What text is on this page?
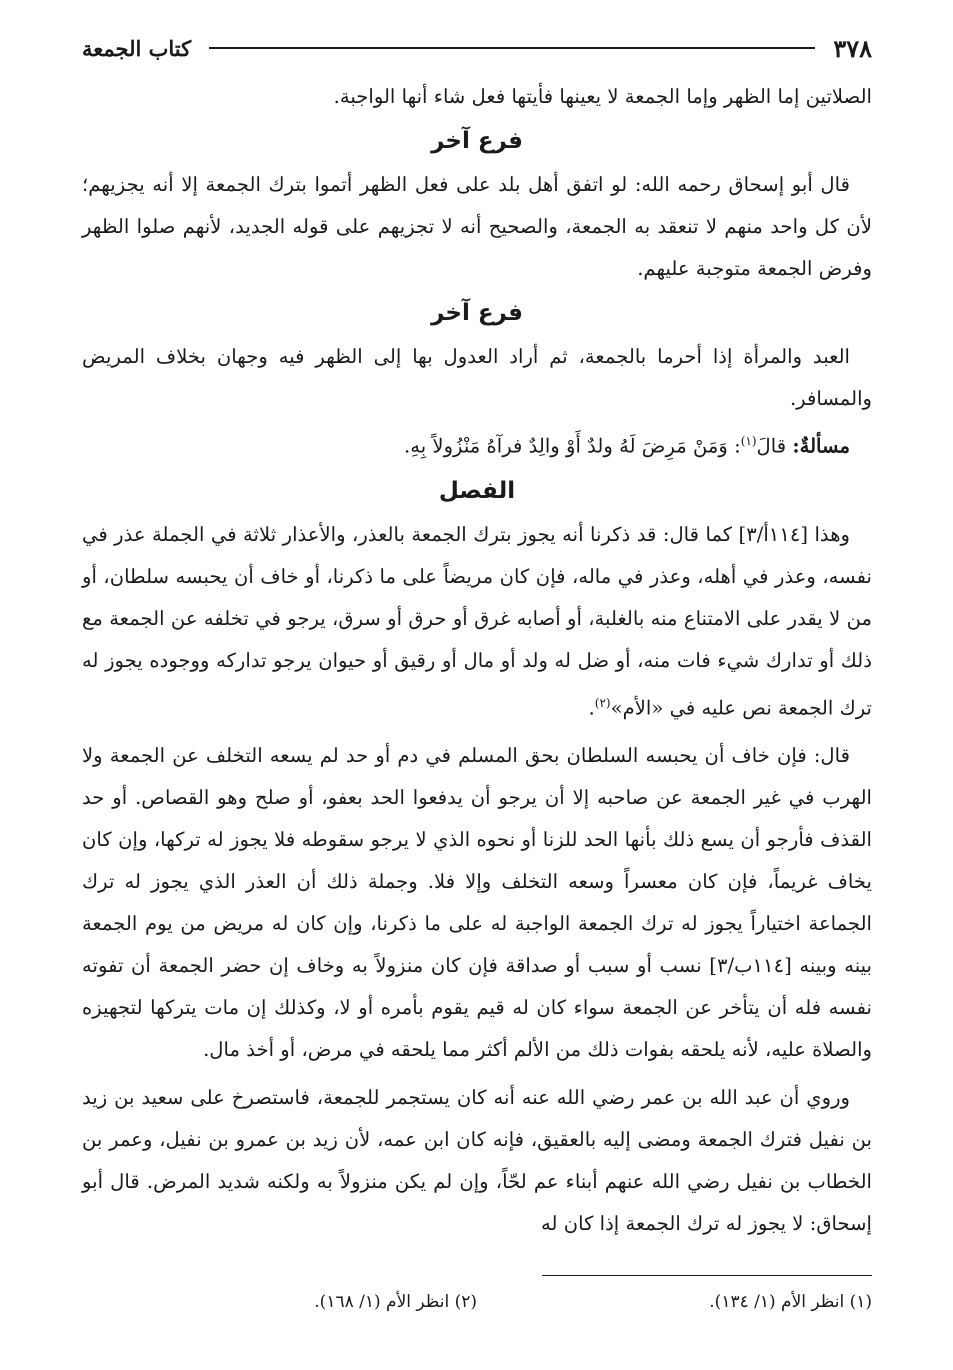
٣٧٨
كتاب الجمعة

الصلاتين إما الظهر وإما الجمعة لا يعينها فأيتها فعل شاء أنها الواجبة.

فرع آخر

قال أبو إسحاق رحمه الله: لو اتفق أهل بلد على فعل الظهر أتموا بترك الجمعة إلا أنه يجزيهم؛ لأن كل واحد منهم لا تنعقد به الجمعة، والصحيح أنه لا تجزيهم على قوله الجديد، لأنهم صلوا الظهر وفرض الجمعة متوجبة عليهم.

فرع آخر

العبد والمرأة إذا أحرما بالجمعة، ثم أراد العدول بها إلى الظهر فيه وجهان بخلاف المريض والمسافر.

مسألةٌ: قالَ$^{(١)}$: وَمَنْ مَرِضَ لَهُ ولدٌ أَوْ والِدٌ فرآهُ مَنْزُولاً بِهِ.

الفصل

وهذا [١١٤أ/٣] كما قال: قد ذكرنا أنه يجوز بترك الجمعة بالعذر، والأعذار ثلاثة في الجملة عذر في نفسه، وعذر في أهله، وعذر في ماله، فإن كان مريضاً على ما ذكرنا، أو خاف أن يحبسه سلطان، أو من لا يقدر على الامتناع منه بالغلبة، أو أصابه غرق أو حرق أو سرق، يرجو في تخلفه عن الجمعة مع ذلك أو تدارك شيء فات منه، أو ضل له ولد أو مال أو رقيق أو حيوان يرجو تداركه ووجوده يجوز له ترك الجمعة نص عليه في «الأم»$^{(٢)}$.

قال: فإن خاف أن يحبسه السلطان بحق المسلم في دم أو حد لم يسعه التخلف عن الجمعة ولا الهرب في غير الجمعة عن صاحبه إلا أن يرجو أن يدفعوا الحد بعفو، أو صلح وهو القصاص. أو حد القذف فأرجو أن يسع ذلك بأنها الحد للزنا أو نحوه الذي لا يرجو سقوطه فلا يجوز له تركها، وإن كان يخاف غريماً، فإن كان معسراً وسعه التخلف وإلا فلا. وجملة ذلك أن العذر الذي يجوز له ترك الجماعة اختياراً يجوز له ترك الجمعة الواجبة له على ما ذكرنا، وإن كان له مريض من يوم الجمعة بينه وبينه [١١٤ب/٣] نسب أو سبب أو صداقة فإن كان منزولاً به وخاف إن حضر الجمعة أن تفوته نفسه فله أن يتأخر عن الجمعة سواء كان له قيم يقوم بأمره أو لا، وكذلك إن مات يتركها لتجهيزه والصلاة عليه، لأنه يلحقه بفوات ذلك من الألم أكثر مما يلحقه في مرض، أو أخذ مال.

وروي أن عبد الله بن عمر رضي الله عنه أنه كان يستجمر للجمعة، فاستصرخ على سعيد بن زيد بن نفيل فترك الجمعة ومضى إليه بالعقيق، فإنه كان ابن عمه، لأن زيد بن عمرو بن نفيل، وعمر بن الخطاب بن نفيل رضي الله عنهم أبناء عم لحّاً، وإن لم يكن منزولاً به ولكنه شديد المرض. قال أبو إسحاق: لا يجوز له ترك الجمعة إذا كان له

(١) انظر الأم (١/ ١٣٤).
(٢) انظر الأم (١/ ١٦٨).
